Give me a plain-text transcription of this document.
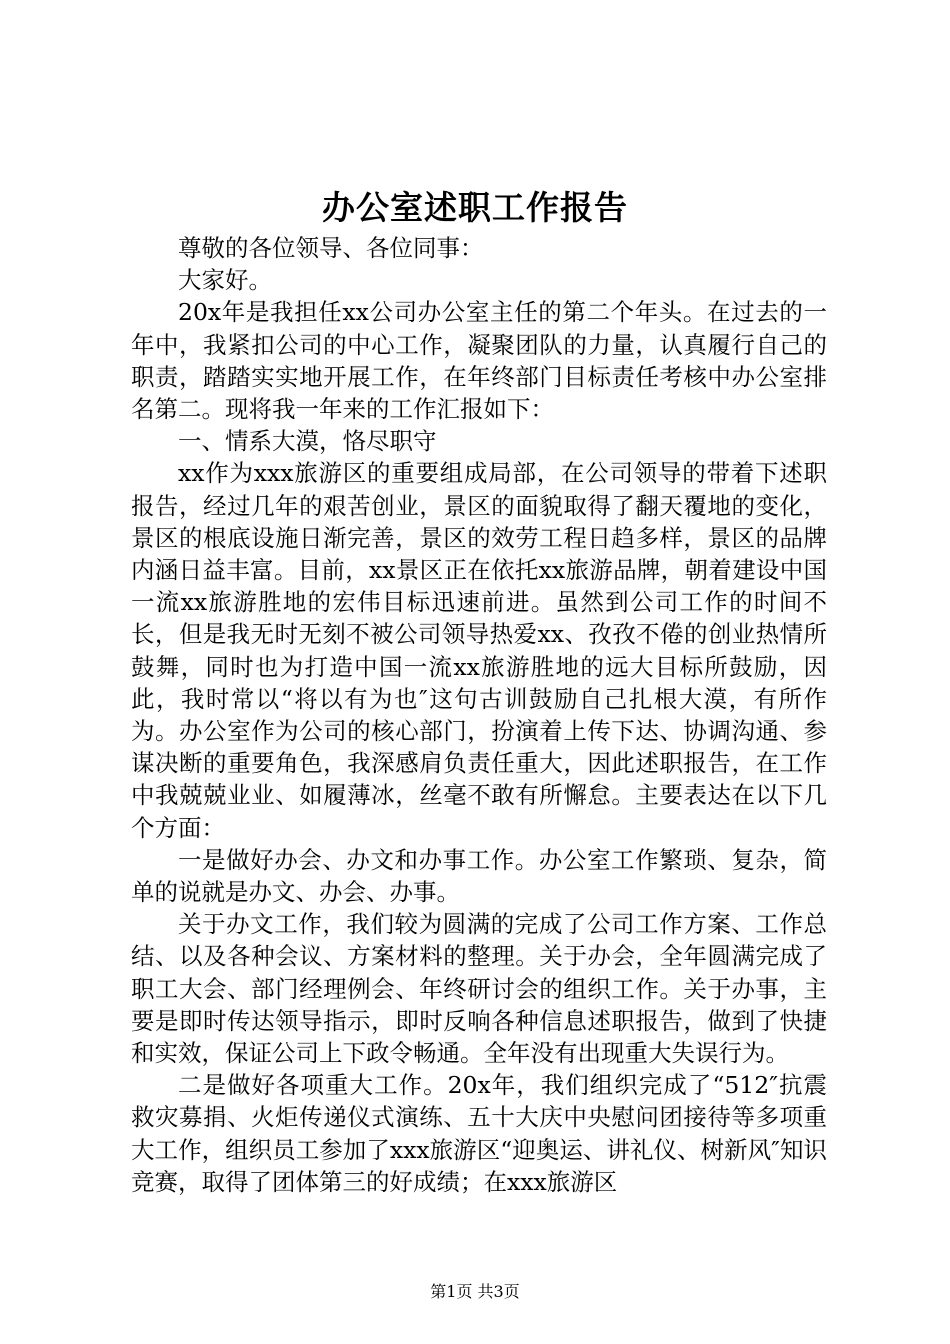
办公室述职工作报告

尊敬的各位领导、各位同事：

大家好。

20x年是我担任xx公司办公室主任的第二个年头。在过去的一年中，我紧扣公司的中心工作，凝聚团队的力量，认真履行自己的职责，踏踏实实地开展工作，在年终部门目标责任考核中办公室排名第二。现将我一年来的工作汇报如下：

一、情系大漠，恪尽职守

xx作为xxx旅游区的重要组成局部，在公司领导的带着下述职报告，经过几年的艰苦创业，景区的面貌取得了翻天覆地的变化，景区的根底设施日渐完善，景区的效劳工程日趋多样，景区的品牌内涵日益丰富。目前，xx景区正在依托xx旅游品牌，朝着建设中国一流xx旅游胜地的宏伟目标迅速前进。虽然到公司工作的时间不长，但是我无时无刻不被公司领导热爱xx、孜孜不倦的创业热情所鼓舞，同时也为打造中国一流xx旅游胜地的远大目标所鼓励，因此，我时常以“将以有为也″这句古训鼓励自己扎根大漠，有所作为。办公室作为公司的核心部门，扮演着上传下达、协调沟通、参谋决断的重要角色，我深感肩负责任重大，因此述职报告，在工作中我兢兢业业、如履薄冰，丝毫不敢有所懈怠。主要表达在以下几个方面：

一是做好办会、办文和办事工作。办公室工作繁琐、复杂，简单的说就是办文、办会、办事。

关于办文工作，我们较为圆满的完成了公司工作方案、工作总结、以及各种会议、方案材料的整理。关于办会，全年圆满完成了职工大会、部门经理例会、年终研讨会的组织工作。关于办事，主要是即时传达领导指示，即时反响各种信息述职报告，做到了快捷和实效，保证公司上下政令畅通。全年没有出现重大失误行为。

二是做好各项重大工作。20x年，我们组织完成了“512″抗震救灾募捐、火炬传递仪式演练、五十大庆中央慰问团接待等多项重大工作，组织员工参加了xxx旅游区“迎奥运、讲礼仪、树新风″知识竞赛，取得了团体第三的好成绩；在xxx旅游区

第1页 共3页
